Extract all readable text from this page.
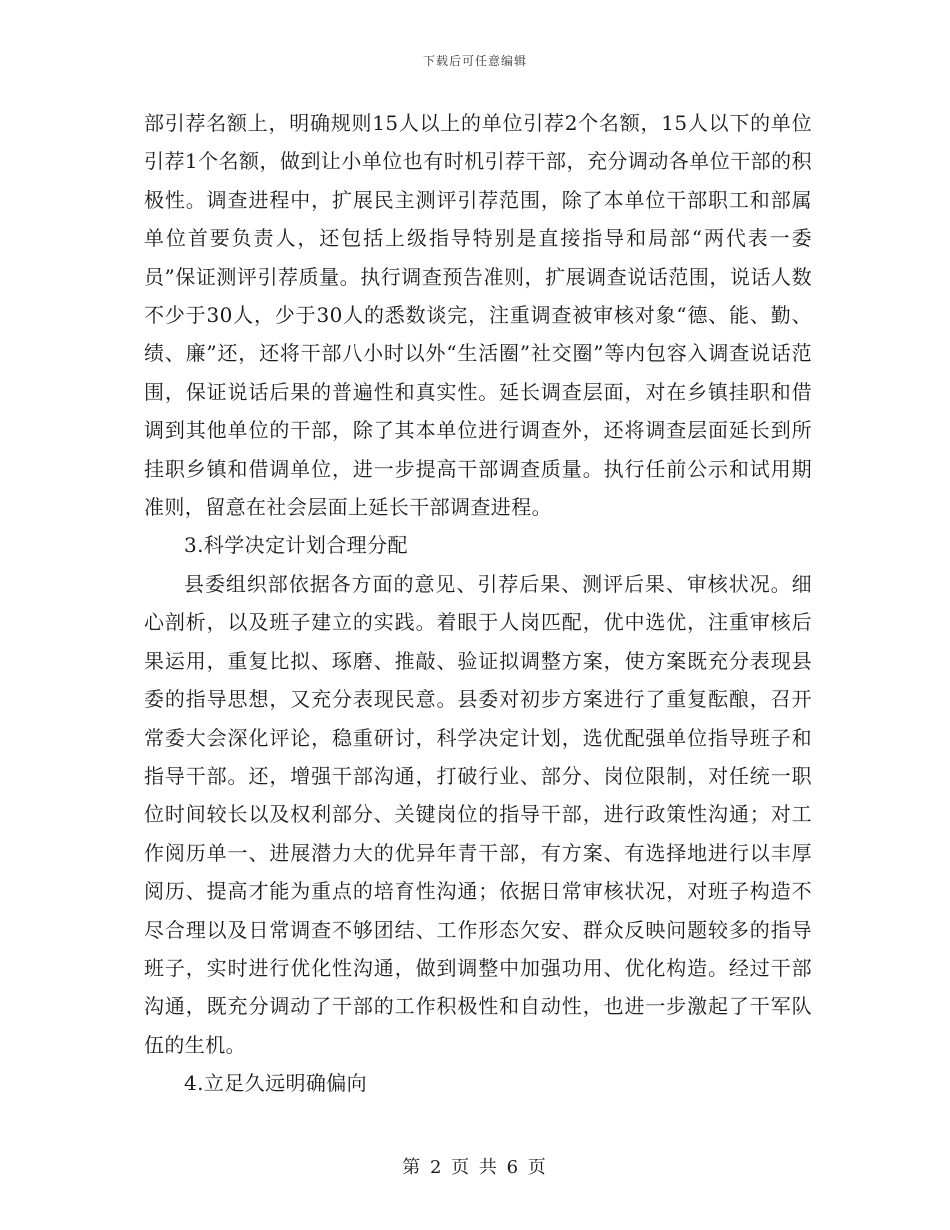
下载后可任意编辑

部引荐名额上，明确规则15人以上的单位引荐2个名额，15人以下的单位引荐1个名额，做到让小单位也有时机引荐干部，充分调动各单位干部的积极性。调查进程中，扩展民主测评引荐范围，除了本单位干部职工和部属单位首要负责人，还包括上级指导特别是直接指导和局部“两代表一委员”保证测评引荐质量。执行调查预告准则，扩展调查说话范围，说话人数不少于30人，少于30人的悉数谈完，注重调查被审核对象“德、能、勤、绩、廉”还，还将干部八小时以外“生活圈”社交圈”等内包容入调查说话范围，保证说话后果的普遍性和真实性。延长调查层面，对在乡镇挂职和借调到其他单位的干部，除了其本单位进行调查外，还将调查层面延长到所挂职乡镇和借调单位，进一步提高干部调查质量。执行任前公示和试用期准则，留意在社会层面上延长干部调查进程。

3.科学决定计划合理分配

县委组织部依据各方面的意见、引荐后果、测评后果、审核状况。细心剖析，以及班子建立的实践。着眼于人岗匹配，优中选优，注重审核后果运用，重复比拟、琢磨、推敲、验证拟调整方案，使方案既充分表现县委的指导思想，又充分表现民意。县委对初步方案进行了重复酝酿，召开常委大会深化评论，稳重研讨，科学决定计划，选优配强单位指导班子和指导干部。还，增强干部沟通，打破行业、部分、岗位限制，对任统一职位时间较长以及权利部分、关键岗位的指导干部，进行政策性沟通；对工作阅历单一、进展潜力大的优异年青干部，有方案、有选择地进行以丰厚阅历、提高才能为重点的培育性沟通；依据日常审核状况，对班子构造不尽合理以及日常调查不够团结、工作形态欠安、群众反映问题较多的指导班子，实时进行优化性沟通，做到调整中加强功用、优化构造。经过干部沟通，既充分调动了干部的工作积极性和自动性，也进一步激起了干军队伍的生机。

4.立足久远明确偏向

第 2 页 共 6 页
